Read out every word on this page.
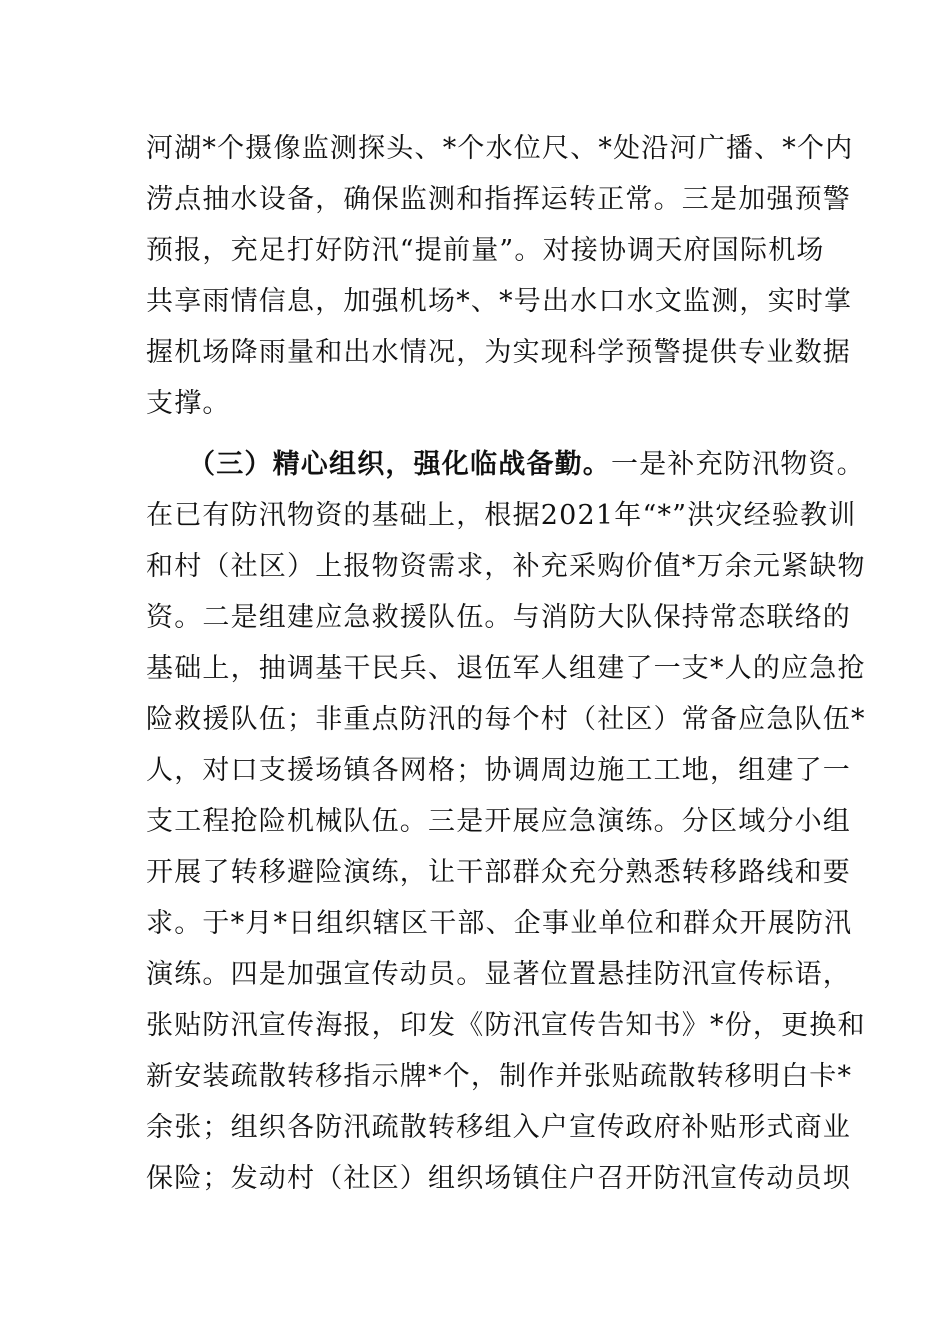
河湖*个摄像监测探头、*个水位尺、*处沿河广播、*个内
涝点抽水设备，确保监测和指挥运转正常。三是加强预警
预报，充足打好防汛“提前量”。对接协调天府国际机场
共享雨情信息，加强机场*、*号出水口水文监测，实时掌
握机场降雨量和出水情况，为实现科学预警提供专业数据
支撑。
（三）精心组织，强化临战备勤。一是补充防汛物资。
在已有防汛物资的基础上，根据2021年“*”洪灾经验教训
和村（社区）上报物资需求，补充采购价值*万余元紧缺物
资。二是组建应急救援队伍。与消防大队保持常态联络的
基础上，抽调基干民兵、退伍军人组建了一支*人的应急抢
险救援队伍；非重点防汛的每个村（社区）常备应急队伍*
人，对口支援场镇各网格；协调周边施工工地，组建了一
支工程抢险机械队伍。三是开展应急演练。分区域分小组
开展了转移避险演练，让干部群众充分熟悉转移路线和要
求。于*月*日组织辖区干部、企事业单位和群众开展防汛
演练。四是加强宣传动员。显著位置悬挂防汛宣传标语，
张贴防汛宣传海报，印发《防汛宣传告知书》*份，更换和
新安装疏散转移指示牌*个，制作并张贴疏散转移明白卡*
余张；组织各防汛疏散转移组入户宣传政府补贴形式商业
保险；发动村（社区）组织场镇住户召开防汛宣传动员坝
